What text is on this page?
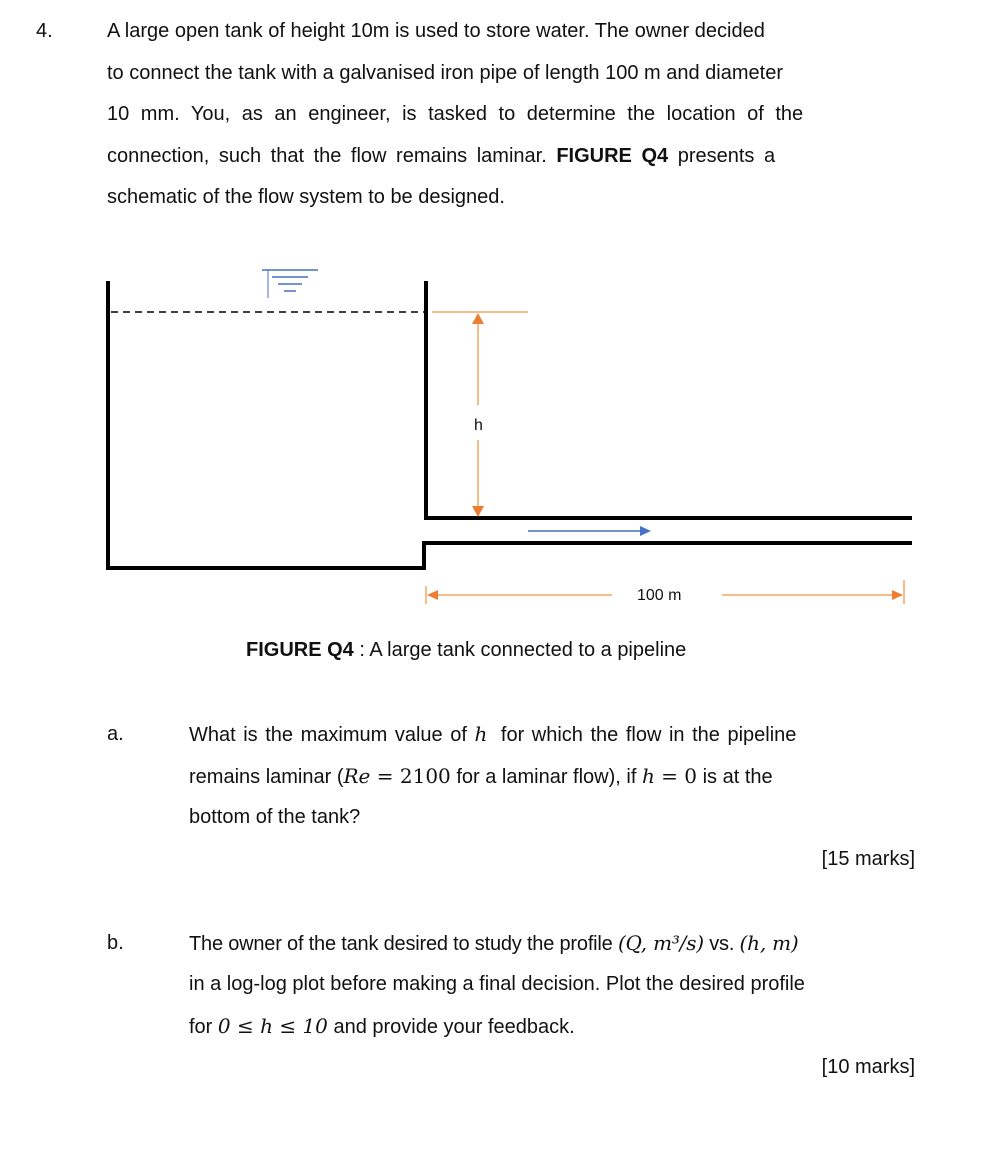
4.	A large open tank of height 10m is used to store water. The owner decided
to connect the tank with a galvanised iron pipe of length 100 m and diameter
10 mm. You, as an engineer, is tasked to determine the location of the
connection, such that the flow remains laminar. FIGURE Q4 presents a
schematic of the flow system to be designed.
h
100 m
FIGURE Q4 : A large tank connected to a pipeline
a.	What is the maximum value of h for which the flow in the pipeline
remains laminar (Re = 2100 for a laminar flow), if h = 0 is at the
bottom of the tank?
[15 marks]
b.	The owner of the tank desired to study the profile (Q, m³/s) vs. (h, m)
in a log-log plot before making a final decision. Plot the desired profile
for 0 ≤ h ≤ 10 and provide your feedback.
[10 marks]
